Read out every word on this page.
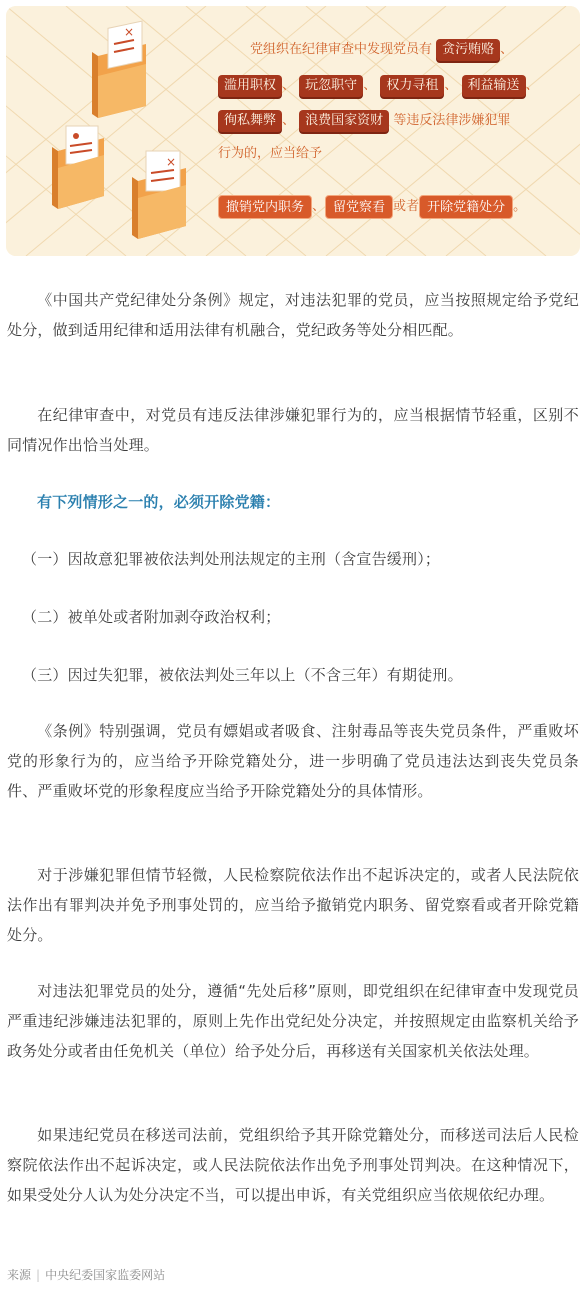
×
×
党组织在纪律审查中发现党员有 贪污贿赂 、
滥用职权 、 玩忽职守 、 权力寻租 、 利益输送 、
徇私舞弊 、 浪费国家资财 等违反法律涉嫌犯罪
行为的，应当给予
撤销党内职务 、 留党察看 或者 开除党籍处分 。

《中国共产党纪律处分条例》规定，对违法犯罪的党员，应当按照规定给予党纪处分，做到适用纪律和适用法律有机融合，党纪政务等处分相匹配。

在纪律审查中，对党员有违反法律涉嫌犯罪行为的，应当根据情节轻重，区别不同情况作出恰当处理。

有下列情形之一的，必须开除党籍：

（一）因故意犯罪被依法判处刑法规定的主刑（含宣告缓刑）；

（二）被单处或者附加剥夺政治权利；

（三）因过失犯罪，被依法判处三年以上（不含三年）有期徒刑。

《条例》特别强调，党员有嫖娼或者吸食、注射毒品等丧失党员条件，严重败坏党的形象行为的，应当给予开除党籍处分，进一步明确了党员违法达到丧失党员条件、严重败坏党的形象程度应当给予开除党籍处分的具体情形。

对于涉嫌犯罪但情节轻微，人民检察院依法作出不起诉决定的，或者人民法院依法作出有罪判决并免予刑事处罚的，应当给予撤销党内职务、留党察看或者开除党籍处分。

对违法犯罪党员的处分，遵循“先处后移”原则，即党组织在纪律审查中发现党员严重违纪涉嫌违法犯罪的，原则上先作出党纪处分决定，并按照规定由监察机关给予政务处分或者由任免机关（单位）给予处分后，再移送有关国家机关依法处理。

如果违纪党员在移送司法前，党组织给予其开除党籍处分，而移送司法后人民检察院依法作出不起诉决定，或人民法院依法作出免予刑事处罚判决。在这种情况下，如果受处分人认为处分决定不当，可以提出申诉，有关党组织应当依规依纪办理。

来源 | 中央纪委国家监委网站
